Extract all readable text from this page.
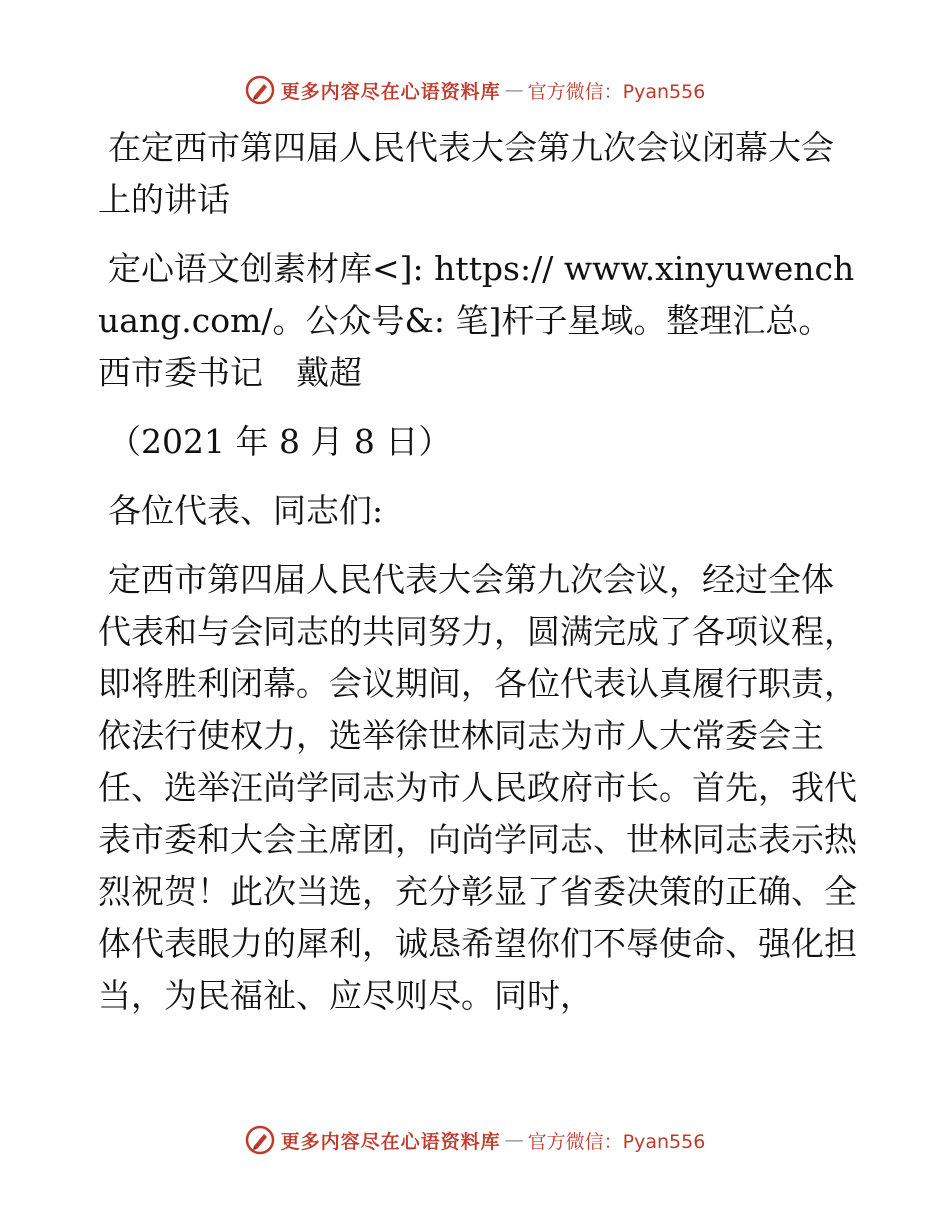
更多内容尽在心语资料库 — 官方微信：Pyan556

在定西市第四届人民代表大会第九次会议闭幕大会上的讲话

定心语文创素材库<]: https:// www.xinyuwenchuang.com/。公众号&: 笔]杆子星域。整理汇总。西市委书记　戴超

（2021 年 8 月 8 日）

各位代表、同志们:

定西市第四届人民代表大会第九次会议，经过全体代表和与会同志的共同努力，圆满完成了各项议程，即将胜利闭幕。会议期间，各位代表认真履行职责，依法行使权力，选举徐世林同志为市人大常委会主任、选举汪尚学同志为市人民政府市长。首先，我代表市委和大会主席团，向尚学同志、世林同志表示热烈祝贺！此次当选，充分彰显了省委决策的正确、全体代表眼力的犀利，诚恳希望你们不辱使命、强化担当，为民福祉、应尽则尽。同时，

更多内容尽在心语资料库 — 官方微信：Pyan556
